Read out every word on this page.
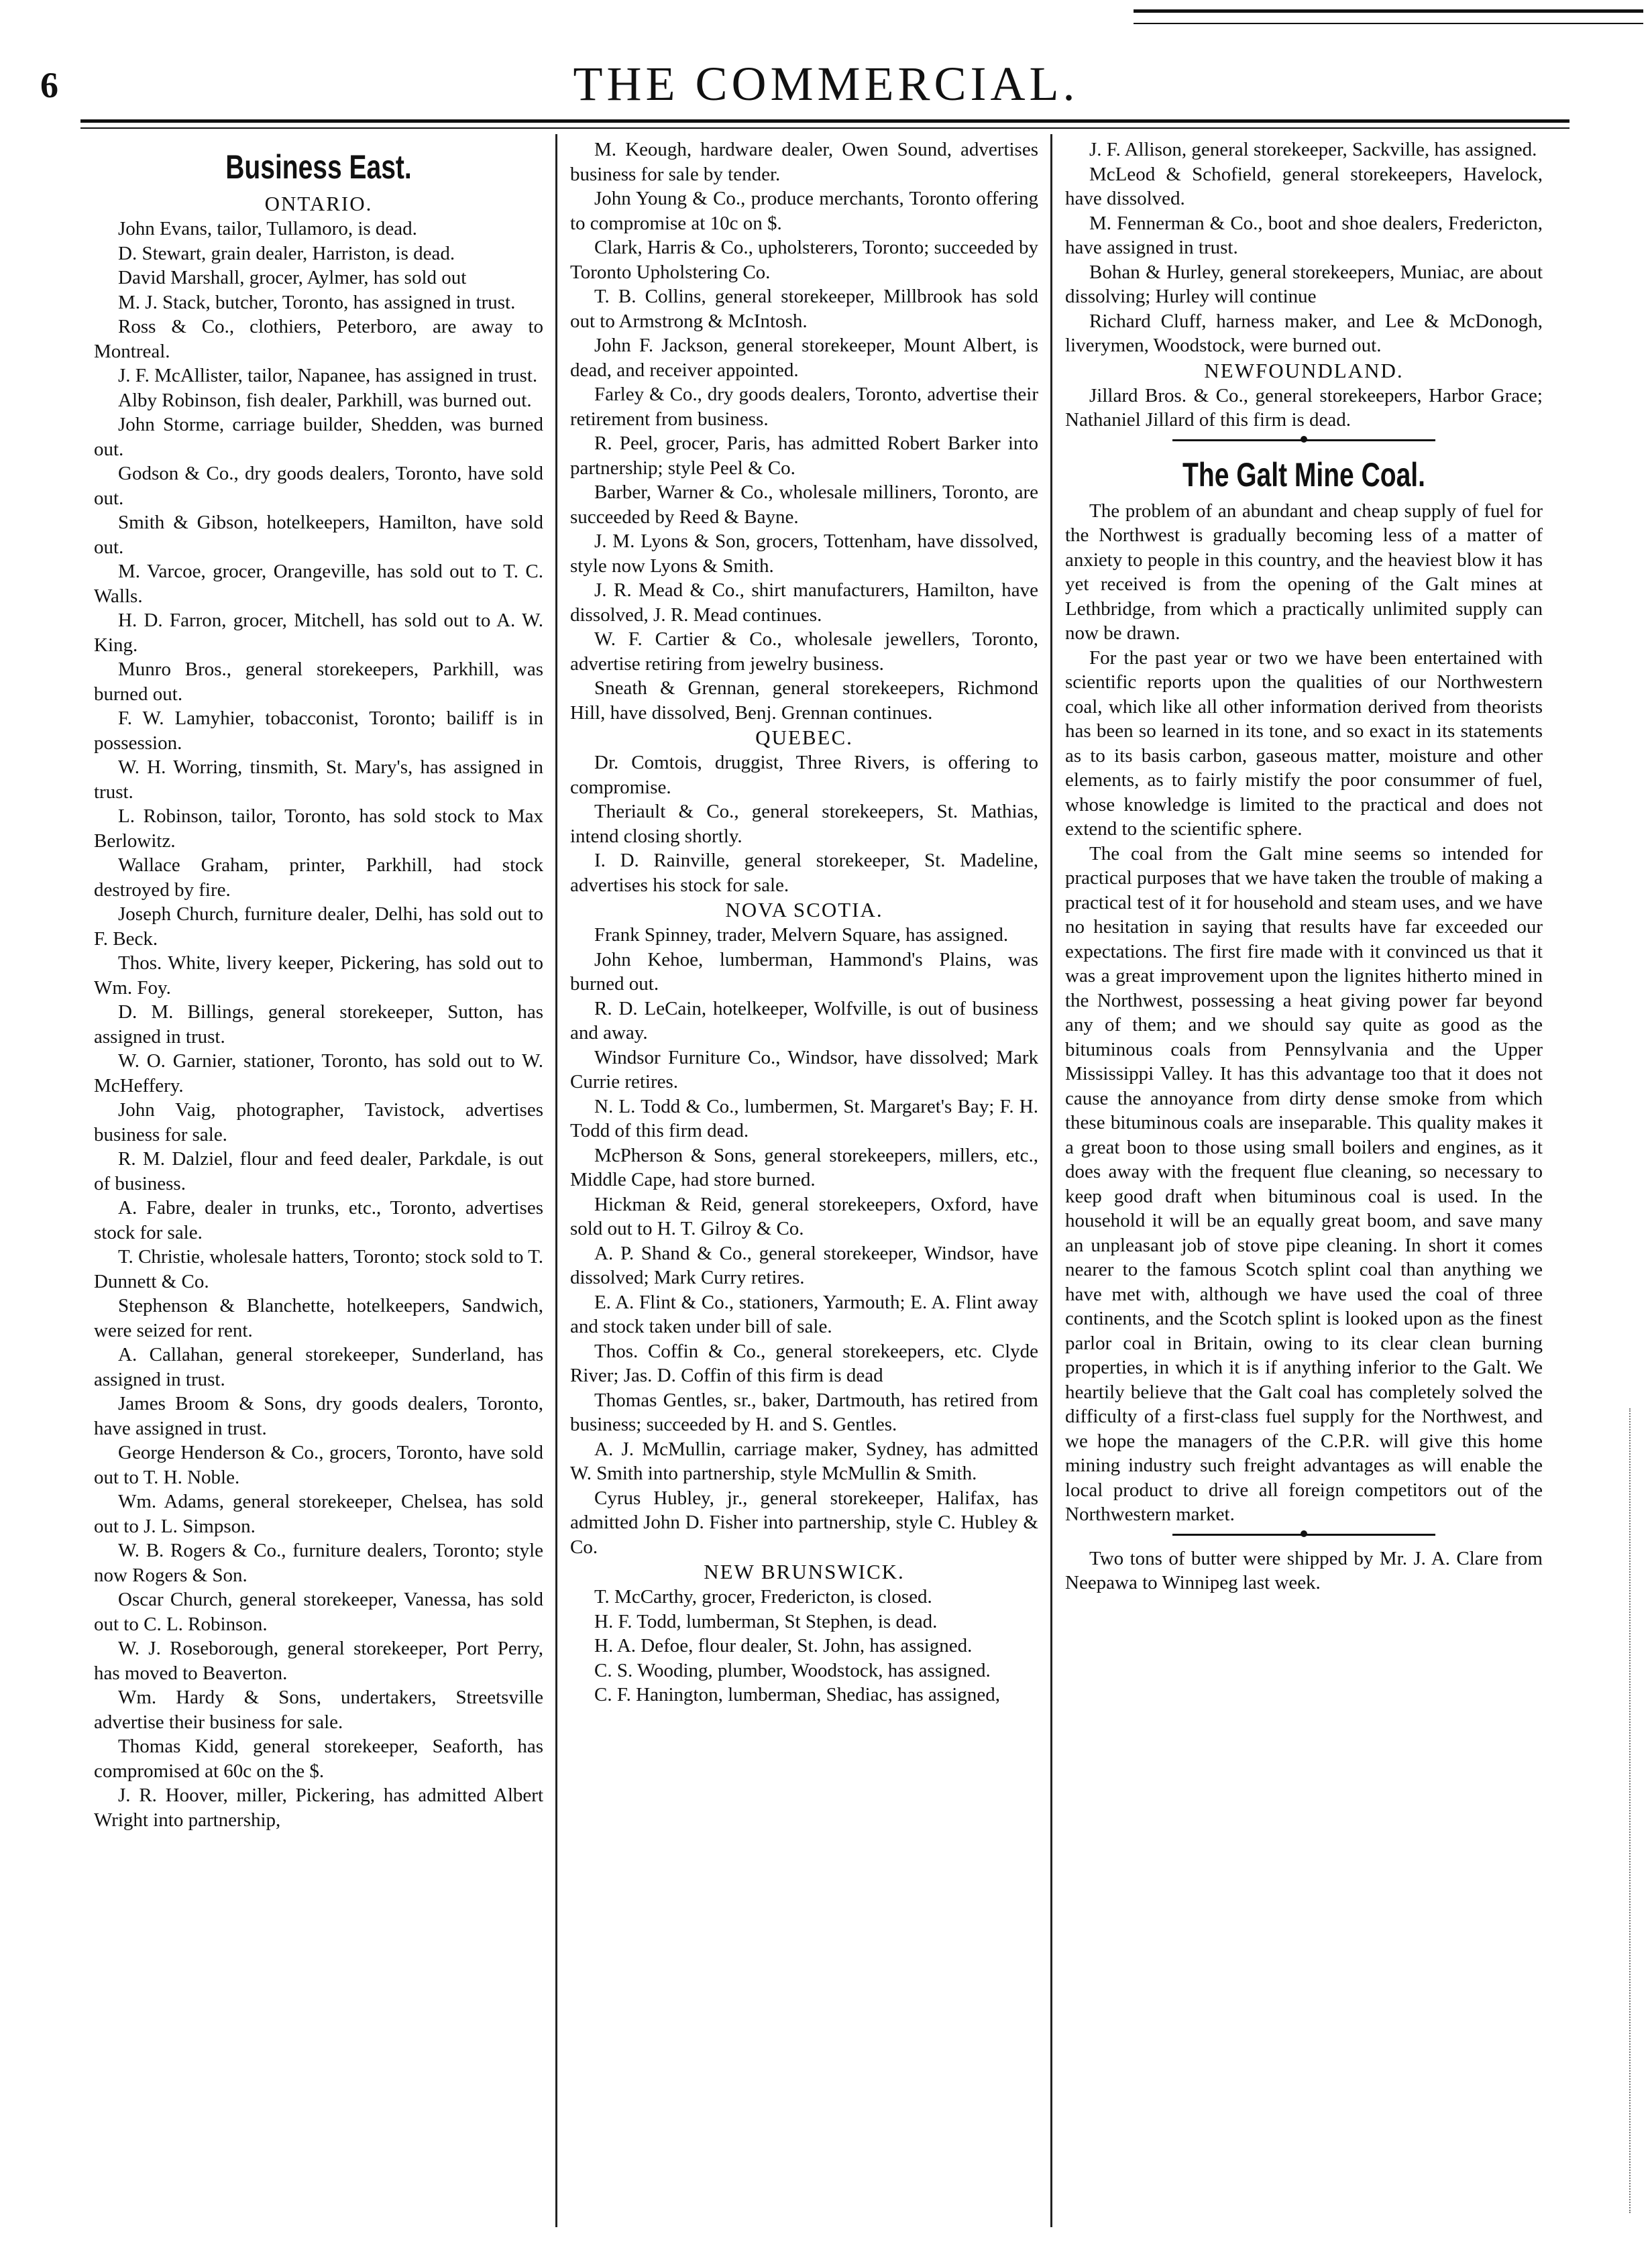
6	THE COMMERCIAL.
Business East.
ONTARIO.

John Evans, tailor, Tullamoro, is dead.

D. Stewart, grain dealer, Harriston, is dead.

David Marshall, grocer, Aylmer, has sold out

M. J. Stack, butcher, Toronto, has assigned in trust.

Ross & Co., clothiers, Peterboro, are away to Montreal.

J. F. McAllister, tailor, Napanee, has assigned in trust.

Alby Robinson, fish dealer, Parkhill, was burned out.

John Storme, carriage builder, Shedden, was burned out.

Godson & Co., dry goods dealers, Toronto, have sold out.

Smith & Gibson, hotelkeepers, Hamilton, have sold out.

M. Varcoe, grocer, Orangeville, has sold out to T. C. Walls.

H. D. Farron, grocer, Mitchell, has sold out to A. W. King.

Munro Bros., general storekeepers, Parkhill, was burned out.

F. W. Lamyhier, tobacconist, Toronto; bailiff is in possession.

W. H. Worring, tinsmith, St. Mary's, has assigned in trust.

L. Robinson, tailor, Toronto, has sold stock to Max Berlowitz.

Wallace Graham, printer, Parkhill, had stock destroyed by fire.

Joseph Church, furniture dealer, Delhi, has sold out to F. Beck.

Thos. White, livery keeper, Pickering, has sold out to Wm. Foy.

D. M. Billings, general storekeeper, Sutton, has assigned in trust.

W. O. Garnier, stationer, Toronto, has sold out to W. McHeffery.

John Vaig, photographer, Tavistock, advertises business for sale.

R. M. Dalziel, flour and feed dealer, Parkdale, is out of business.

A. Fabre, dealer in trunks, etc., Toronto, advertises stock for sale.

T. Christie, wholesale hatters, Toronto; stock sold to T. Dunnett & Co.

Stephenson & Blanchette, hotelkeepers, Sandwich, were seized for rent.

A. Callahan, general storekeeper, Sunderland, has assigned in trust.

James Broom & Sons, dry goods dealers, Toronto, have assigned in trust.

George Henderson & Co., grocers, Toronto, have sold out to T. H. Noble.

Wm. Adams, general storekeeper, Chelsea, has sold out to J. L. Simpson.

W. B. Rogers & Co., furniture dealers, Toronto; style now Rogers & Son.

Oscar Church, general storekeeper, Vanessa, has sold out to C. L. Robinson.

W. J. Roseborough, general storekeeper, Port Perry, has moved to Beaverton.

Wm. Hardy & Sons, undertakers, Streetsville advertise their business for sale.

Thomas Kidd, general storekeeper, Seaforth, has compromised at 60c on the $.

J. R. Hoover, miller, Pickering, has admitted Albert Wright into partnership,

M. Keough, hardware dealer, Owen Sound, advertises business for sale by tender.

John Young & Co., produce merchants, Toronto offering to compromise at 10c on $.

Clark, Harris & Co., upholsterers, Toronto; succeeded by Toronto Upholstering Co.

T. B. Collins, general storekeeper, Millbrook has sold out to Armstrong & McIntosh.

John F. Jackson, general storekeeper, Mount Albert, is dead, and receiver appointed.

Farley & Co., dry goods dealers, Toronto, advertise their retirement from business.

R. Peel, grocer, Paris, has admitted Robert Barker into partnership; style Peel & Co.

Barber, Warner & Co., wholesale milliners, Toronto, are succeeded by Reed & Bayne.

J. M. Lyons & Son, grocers, Tottenham, have dissolved, style now Lyons & Smith.

J. R. Mead & Co., shirt manufacturers, Hamilton, have dissolved, J. R. Mead continues.

W. F. Cartier & Co., wholesale jewellers, Toronto, advertise retiring from jewelry business.

Sneath & Grennan, general storekeepers, Richmond Hill, have dissolved, Benj. Grennan continues.

QUEBEC.

Dr. Comtois, druggist, Three Rivers, is offering to compromise.

Theriault & Co., general storekeepers, St. Mathias, intend closing shortly.

I. D. Rainville, general storekeeper, St. Madeline, advertises his stock for sale.

NOVA SCOTIA.

Frank Spinney, trader, Melvern Square, has assigned.

John Kehoe, lumberman, Hammond's Plains, was burned out.

R. D. LeCain, hotelkeeper, Wolfville, is out of business and away.

Windsor Furniture Co., Windsor, have dissolved; Mark Currie retires.

N. L. Todd & Co., lumbermen, St. Margaret's Bay; F. H. Todd of this firm dead.

McPherson & Sons, general storekeepers, millers, etc., Middle Cape, had store burned.

Hickman & Reid, general storekeepers, Oxford, have sold out to H. T. Gilroy & Co.

A. P. Shand & Co., general storekeeper, Windsor, have dissolved; Mark Curry retires.

E. A. Flint & Co., stationers, Yarmouth; E. A. Flint away and stock taken under bill of sale.

Thos. Coffin & Co., general storekeepers, etc. Clyde River; Jas. D. Coffin of this firm is dead

Thomas Gentles, sr., baker, Dartmouth, has retired from business; succeeded by H. and S. Gentles.

A. J. McMullin, carriage maker, Sydney, has admitted W. Smith into partnership, style McMullin & Smith.

Cyrus Hubley, jr., general storekeeper, Halifax, has admitted John D. Fisher into partnership, style C. Hubley & Co.

NEW BRUNSWICK.

T. McCarthy, grocer, Fredericton, is closed.

H. F. Todd, lumberman, St Stephen, is dead.

H. A. Defoe, flour dealer, St. John, has assigned.

C. S. Wooding, plumber, Woodstock, has assigned.

C. F. Hanington, lumberman, Shediac, has assigned,

J. F. Allison, general storekeeper, Sackville, has assigned.

McLeod & Schofield, general storekeepers, Havelock, have dissolved.

M. Fennerman & Co., boot and shoe dealers, Fredericton, have assigned in trust.

Bohan & Hurley, general storekeepers, Muniac, are about dissolving; Hurley will continue

Richard Cluff, harness maker, and Lee & McDonogh, liverymen, Woodstock, were burned out.

NEWFOUNDLAND.

Jillard Bros. & Co., general storekeepers, Harbor Grace; Nathaniel Jillard of this firm is dead.

The Galt Mine Coal.

The problem of an abundant and cheap supply of fuel for the Northwest is gradually becoming less of a matter of anxiety to people in this country, and the heaviest blow it has yet received is from the opening of the Galt mines at Lethbridge, from which a practically unlimited supply can now be drawn.

For the past year or two we have been entertained with scientific reports upon the qualities of our Northwestern coal, which like all other information derived from theorists has been so learned in its tone, and so exact in its statements as to its basis carbon, gaseous matter, moisture and other elements, as to fairly mistify the poor consummer of fuel, whose knowledge is limited to the practical and does not extend to the scientific sphere.

The coal from the Galt mine seems so intended for practical purposes that we have taken the trouble of making a practical test of it for household and steam uses, and we have no hesitation in saying that results have far exceeded our expectations. The first fire made with it convinced us that it was a great improvement upon the lignites hitherto mined in the Northwest, possessing a heat giving power far beyond any of them; and we should say quite as good as the bituminous coals from Pennsylvania and the Upper Mississippi Valley. It has this advantage too that it does not cause the annoyance from dirty dense smoke from which these bituminous coals are inseparable. This quality makes it a great boon to those using small boilers and engines, as it does away with the frequent flue cleaning, so necessary to keep good draft when bituminous coal is used. In the household it will be an equally great boom, and save many an unpleasant job of stove pipe cleaning. In short it comes nearer to the famous Scotch splint coal than anything we have met with, although we have used the coal of three continents, and the Scotch splint is looked upon as the finest parlor coal in Britain, owing to its clear clean burning properties, in which it is if anything inferior to the Galt. We heartily believe that the Galt coal has completely solved the difficulty of a first-class fuel supply for the Northwest, and we hope the managers of the C.P.R. will give this home mining industry such freight advantages as will enable the local product to drive all foreign competitors out of the Northwestern market.

Two tons of butter were shipped by Mr. J. A. Clare from Neepawa to Winnipeg last week.
